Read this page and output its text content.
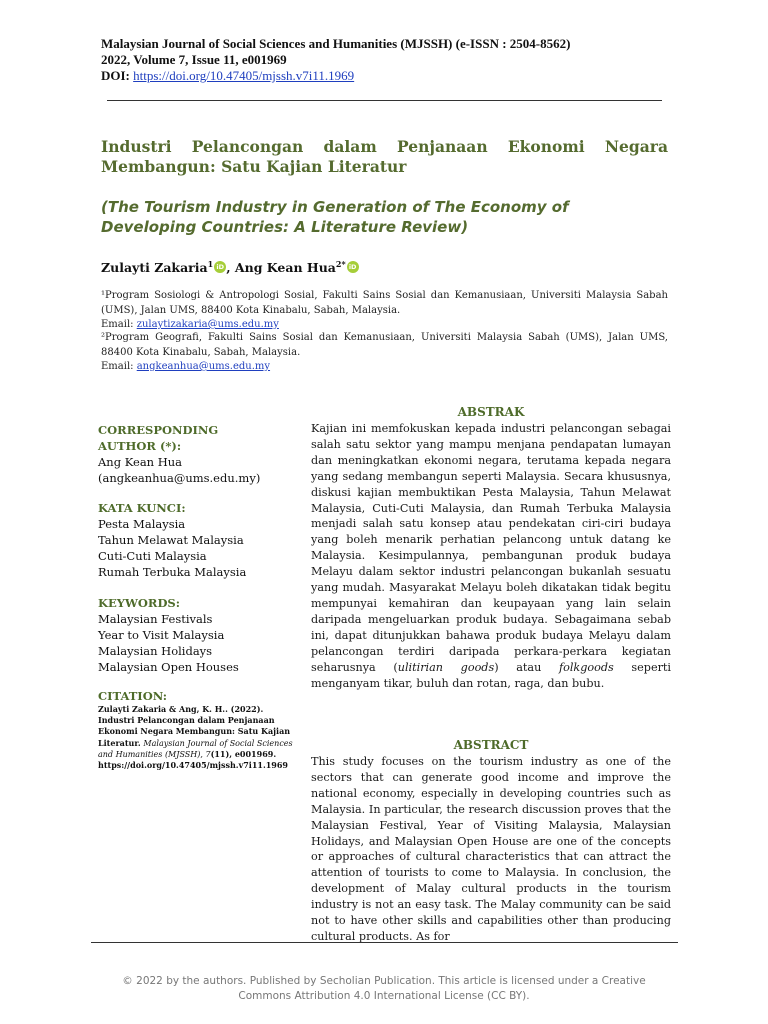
Malaysian Journal of Social Sciences and Humanities (MJSSH) (e-ISSN : 2504-8562)
2022, Volume 7, Issue 11, e001969
DOI: https://doi.org/10.47405/mjssh.v7i11.1969
Industri Pelancongan dalam Penjanaan Ekonomi Negara Membangun: Satu Kajian Literatur
(The Tourism Industry in Generation of The Economy of Developing Countries: A Literature Review)
Zulayti Zakaria$^1$ iD , Ang Kean Hua$^{2*}$ iD
¹Program Sosiologi & Antropologi Sosial, Fakulti Sains Sosial dan Kemanusiaan, Universiti Malaysia Sabah (UMS), Jalan UMS, 88400 Kota Kinabalu, Sabah, Malaysia.
Email: zulaytizakaria@ums.edu.my
²Program Geografi, Fakulti Sains Sosial dan Kemanusiaan, Universiti Malaysia Sabah (UMS), Jalan UMS, 88400 Kota Kinabalu, Sabah, Malaysia.
Email: angkeanhua@ums.edu.my
CORRESPONDING
AUTHOR (*):
Ang Kean Hua
(angkeanhua@ums.edu.my)
KATA KUNCI:
Pesta Malaysia
Tahun Melawat Malaysia
Cuti-Cuti Malaysia
Rumah Terbuka Malaysia
KEYWORDS:
Malaysian Festivals
Year to Visit Malaysia
Malaysian Holidays
Malaysian Open Houses
CITATION:
Zulayti Zakaria & Ang, K. H.. (2022). Industri Pelancongan dalam Penjanaan Ekonomi Negara Membangun: Satu Kajian Literatur. Malaysian Journal of Social Sciences and Humanities (MJSSH), 7(11), e001969. https://doi.org/10.47405/mjssh.v7i11.1969
ABSTRAK

Kajian ini memfokuskan kepada industri pelancongan sebagai salah satu sektor yang mampu menjana pendapatan lumayan dan meningkatkan ekonomi negara, terutama kepada negara yang sedang membangun seperti Malaysia. Secara khususnya, diskusi kajian membuktikan Pesta Malaysia, Tahun Melawat Malaysia, Cuti-Cuti Malaysia, dan Rumah Terbuka Malaysia menjadi salah satu konsep atau pendekatan ciri-ciri budaya yang boleh menarik perhatian pelancong untuk datang ke Malaysia. Kesimpulannya, pembangunan produk budaya Melayu dalam sektor industri pelancongan bukanlah sesuatu yang mudah. Masyarakat Melayu boleh dikatakan tidak begitu mempunyai kemahiran dan keupayaan yang lain selain daripada mengeluarkan produk budaya. Sebagaimana sebab ini, dapat ditunjukkan bahawa produk budaya Melayu dalam pelancongan terdiri daripada perkara-perkara kegiatan seharusnya (ulitirian goods) atau folkgoods seperti menganyam tikar, buluh dan rotan, raga, dan bubu.

ABSTRACT

This study focuses on the tourism industry as one of the sectors that can generate good income and improve the national economy, especially in developing countries such as Malaysia. In particular, the research discussion proves that the Malaysian Festival, Year of Visiting Malaysia, Malaysian Holidays, and Malaysian Open House are one of the concepts or approaches of cultural characteristics that can attract the attention of tourists to come to Malaysia. In conclusion, the development of Malay cultural products in the tourism industry is not an easy task. The Malay community can be said not to have other skills and capabilities other than producing cultural products. As for

© 2022 by the authors. Published by Secholian Publication. This article is licensed under a Creative
Commons Attribution 4.0 International License (CC BY).
